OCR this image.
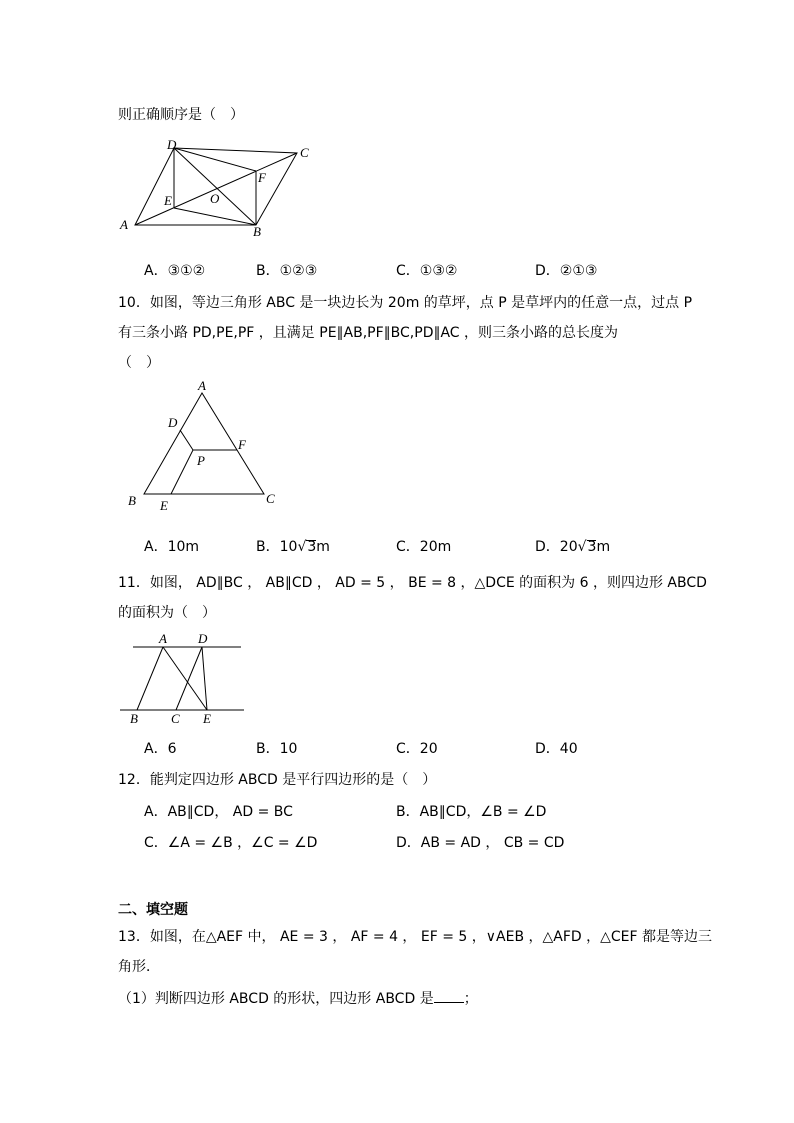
则正确顺序是（　）
A	B
C
D
E
F
O
A．③①②	B．①②③	C．①③②	D．②①③
10．如图，等边三角形 ABC 是一块边长为 20m 的草坪，点 P 是草坪内的任意一点，过点 P
有三条小路 PD,PE,PF ，且满足 PE∥AB,PF∥BC,PD∥AC ，则三条小路的总长度为
（　）
A
B	C
D
E
F
P
A．10m	B．10√3m	C．20m	D．20√3m
11．如图， AD∥BC ， AB∥CD ， AD = 5 ， BE = 8 ，△DCE 的面积为 6 ，则四边形 ABCD
的面积为（　）
A D
B	C E
A．6	B．10	C．20	D．40
12．能判定四边形 ABCD 是平行四边形的是（　）
A．AB∥CD， AD = BC	B．AB∥CD，∠B = ∠D
C．∠A = ∠B ，∠C = ∠D	D．AB = AD ， CB = CD
二、填空题
13．如图，在△AEF 中， AE = 3 ， AF = 4 ， EF = 5 ，∨AEB ，△AFD ，△CEF 都是等边三
角形．
（1）判断四边形 ABCD 的形状，四边形 ABCD 是 ；
